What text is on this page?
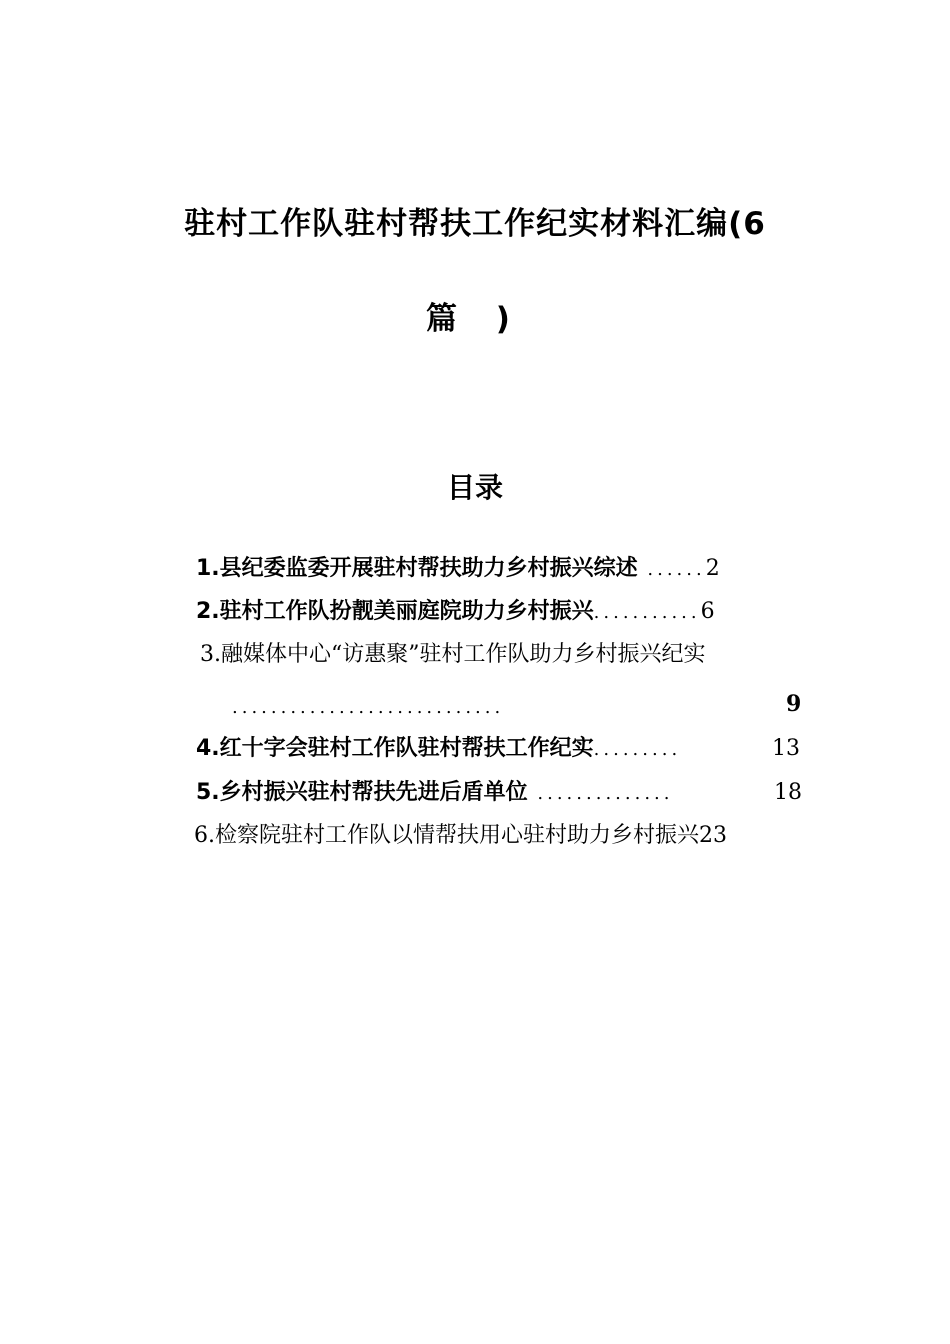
驻村工作队驻村帮扶工作纪实材料汇编(6
篇 )
目录
1.县纪委监委开展驻村帮扶助力乡村振兴综述 ......2
2.驻村工作队扮靓美丽庭院助力乡村振兴...........6
3.融媒体中心“访惠聚”驻村工作队助力乡村振兴纪实
............................	9
4.红十字会驻村工作队驻村帮扶工作纪实.........	13
5.乡村振兴驻村帮扶先进后盾单位 ..............	18
6.检察院驻村工作队以情帮扶用心驻村助力乡村振兴23
